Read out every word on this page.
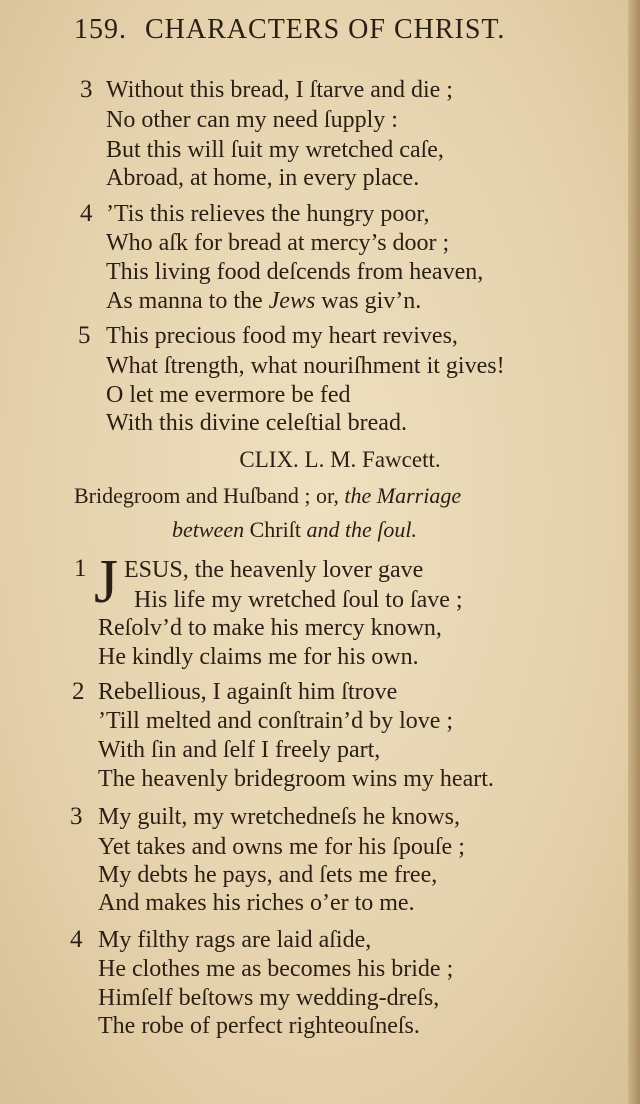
159. CHARACTERS OF CHRIST.
3 Without this bread, I ſtarve and die ;
No other can my need ſupply :
But this will ſuit my wretched caſe,
Abroad, at home, in every place.
4 ’Tis this relieves the hungry poor,
Who aſk for bread at mercy’s door ;
This living food deſcends from heaven,
As manna to the Jews was giv’n.
5 This precious food my heart revives,
What ſtrength, what nouriſhment it gives!
O let me evermore be fed
With this divine celeſtial bread.
CLIX. L. M. Fawcett.
Bridegroom and Huſband ; or, the Marriage
between Chriſt and the ſoul.
1 J ESUS, the heavenly lover gave
His life my wretched ſoul to ſave ;
Reſolv’d to make his mercy known,
He kindly claims me for his own.
2 Rebellious, I againſt him ſtrove
’Till melted and conſtrain’d by love ;
With ſin and ſelf I freely part,
The heavenly bridegroom wins my heart.
3 My guilt, my wretchedneſs he knows,
Yet takes and owns me for his ſpouſe ;
My debts he pays, and ſets me free,
And makes his riches o’er to me.
4 My filthy rags are laid aſide,
He clothes me as becomes his bride ;
Himſelf beſtows my wedding-dreſs,
The robe of perfect righteouſneſs.
